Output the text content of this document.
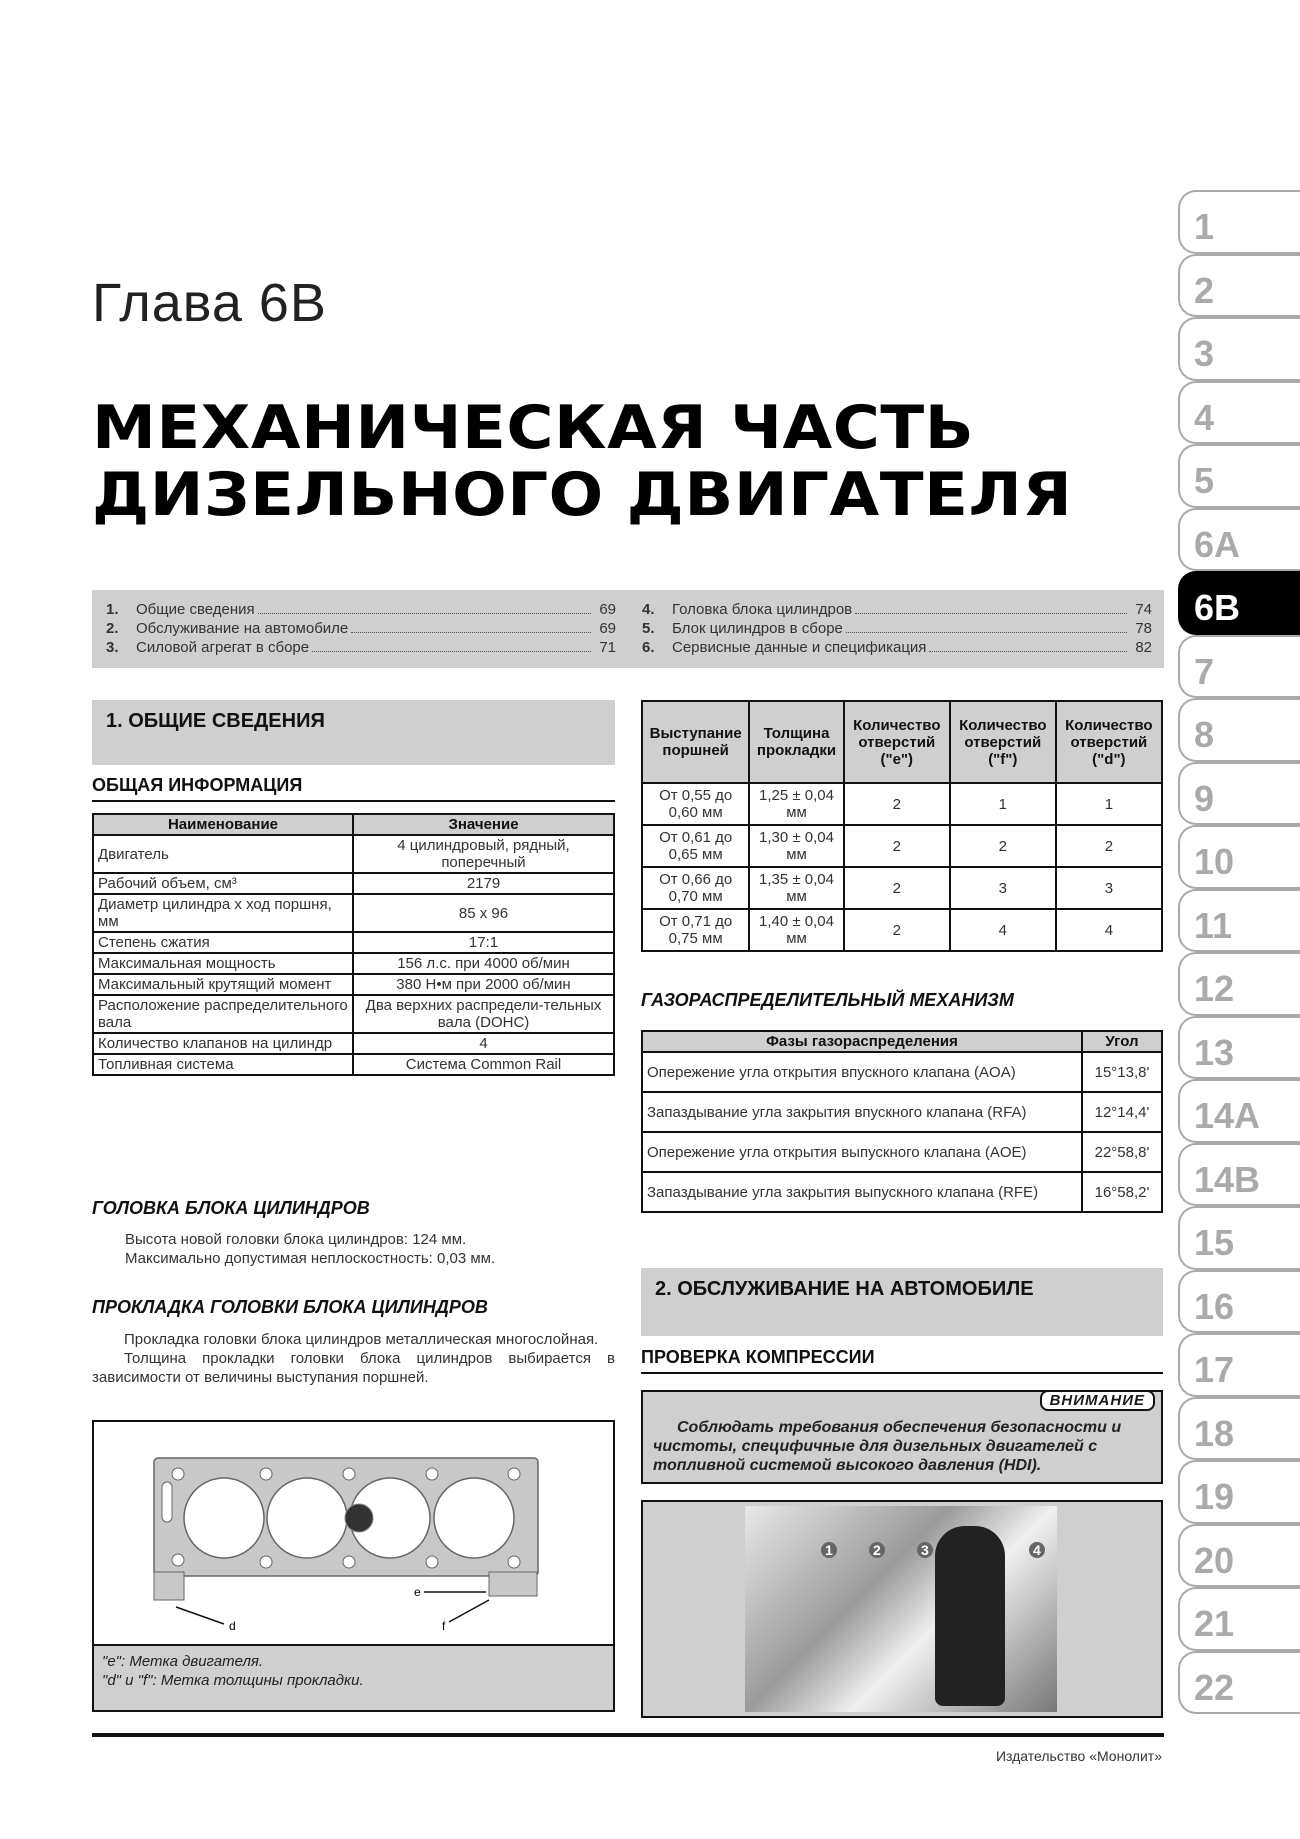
Глава 6В
МЕХАНИЧЕСКАЯ ЧАСТЬ
ДИЗЕЛЬНОГО ДВИГАТЕЛЯ
1.	Общие сведения	69
2.	Обслуживание на автомобиле	69
3.	Силовой агрегат в сборе	71
4.	Головка блока цилиндров	74
5.	Блок цилиндров в сборе	78
6.	Сервисные данные и спецификация	82
1. ОБЩИЕ СВЕДЕНИЯ
ОБЩАЯ ИНФОРМАЦИЯ
Наименование	Значение
Двигатель	4 цилиндровый, рядный, поперечный
Рабочий объем, см³	2179
Диаметр цилиндра х ход поршня, мм	85 х 96
Степень сжатия	17:1
Максимальная мощность	156 л.с. при 4000 об/мин
Максимальный крутящий момент	380 Н•м при 2000 об/мин
Расположение распределительного вала	Два верхних распредели-тельных вала (DOHC)
Количество клапанов на цилиндр	4
Топливная система	Система Common Rail
ГОЛОВКА БЛОКА ЦИЛИНДРОВ
Высота новой головки блока цилиндров: 124 мм.
Максимально допустимая неплоскостность: 0,03 мм.
ПРОКЛАДКА ГОЛОВКИ БЛОКА ЦИЛИНДРОВ
Прокладка головки блока цилиндров металлическая многослойная.
Толщина прокладки головки блока цилиндров выбирается в зависимости от величины выступания поршней.
e
f
d
"e": Метка двигателя.
"d" и "f": Метка толщины прокладки.
Выступание поршней	Толщина прокладки	Количество отверстий ("e")	Количество отверстий ("f")	Количество отверстий ("d")
От 0,55 до 0,60 мм	1,25 ± 0,04 мм	2	1	1
От 0,61 до 0,65 мм	1,30 ± 0,04 мм	2	2	2
От 0,66 до 0,70 мм	1,35 ± 0,04 мм	2	3	3
От 0,71 до 0,75 мм	1,40 ± 0,04 мм	2	4	4
ГАЗОРАСПРЕДЕЛИТЕЛЬНЫЙ МЕХАНИЗМ
Фазы газораспределения	Угол
Опережение угла открытия впускного клапана (AOA)	15°13,8'
Запаздывание угла закрытия впускного клапана (RFA)	12°14,4'
Опережение угла открытия выпускного клапана (AOE)	22°58,8'
Запаздывание угла закрытия выпускного клапана (RFE)	16°58,2'
2. ОБСЛУЖИВАНИЕ НА АВТОМОБИЛЕ
ПРОВЕРКА КОМПРЕССИИ
ВНИМАНИЕ
Соблюдать требования обеспечения безопасности и чистоты, специфичные для дизельных двигателей с топливной системой высокого давления (HDI).
1	2	3	4
1
2
3
4
5
6A
6B
7
8
9
10
11
12
13
14A
14B
15
16
17
18
19
20
21
22
Издательство «Монолит»
